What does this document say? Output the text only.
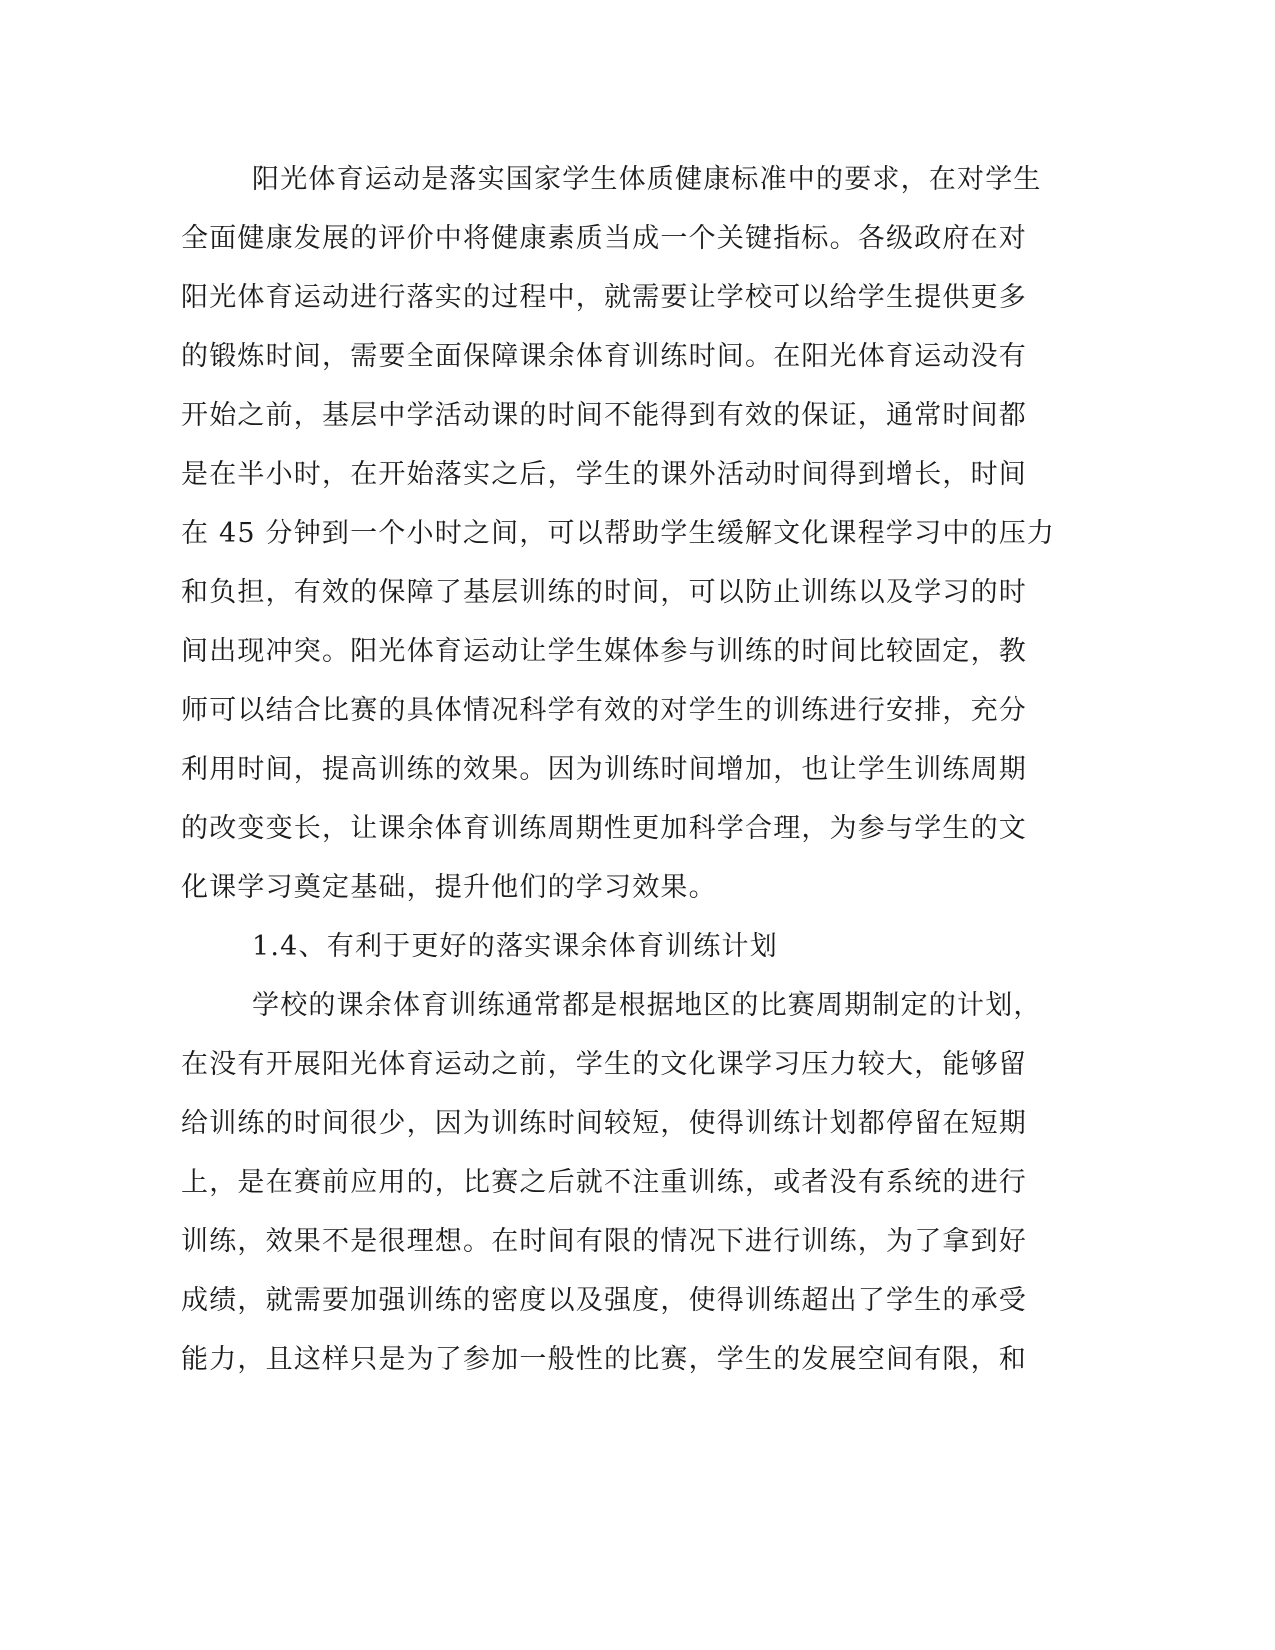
阳光体育运动是落实国家学生体质健康标准中的要求，在对学生

全面健康发展的评价中将健康素质当成一个关键指标。各级政府在对

阳光体育运动进行落实的过程中，就需要让学校可以给学生提供更多

的锻炼时间，需要全面保障课余体育训练时间。在阳光体育运动没有

开始之前，基层中学活动课的时间不能得到有效的保证，通常时间都

是在半小时，在开始落实之后，学生的课外活动时间得到增长，时间

在 45 分钟到一个小时之间，可以帮助学生缓解文化课程学习中的压力

和负担，有效的保障了基层训练的时间，可以防止训练以及学习的时

间出现冲突。阳光体育运动让学生媒体参与训练的时间比较固定，教

师可以结合比赛的具体情况科学有效的对学生的训练进行安排，充分

利用时间，提高训练的效果。因为训练时间增加，也让学生训练周期

的改变变长，让课余体育训练周期性更加科学合理，为参与学生的文

化课学习奠定基础，提升他们的学习效果。

1.4、有利于更好的落实课余体育训练计划

学校的课余体育训练通常都是根据地区的比赛周期制定的计划，

在没有开展阳光体育运动之前，学生的文化课学习压力较大，能够留

给训练的时间很少，因为训练时间较短，使得训练计划都停留在短期

上，是在赛前应用的，比赛之后就不注重训练，或者没有系统的进行

训练，效果不是很理想。在时间有限的情况下进行训练，为了拿到好

成绩，就需要加强训练的密度以及强度，使得训练超出了学生的承受

能力，且这样只是为了参加一般性的比赛，学生的发展空间有限，和
